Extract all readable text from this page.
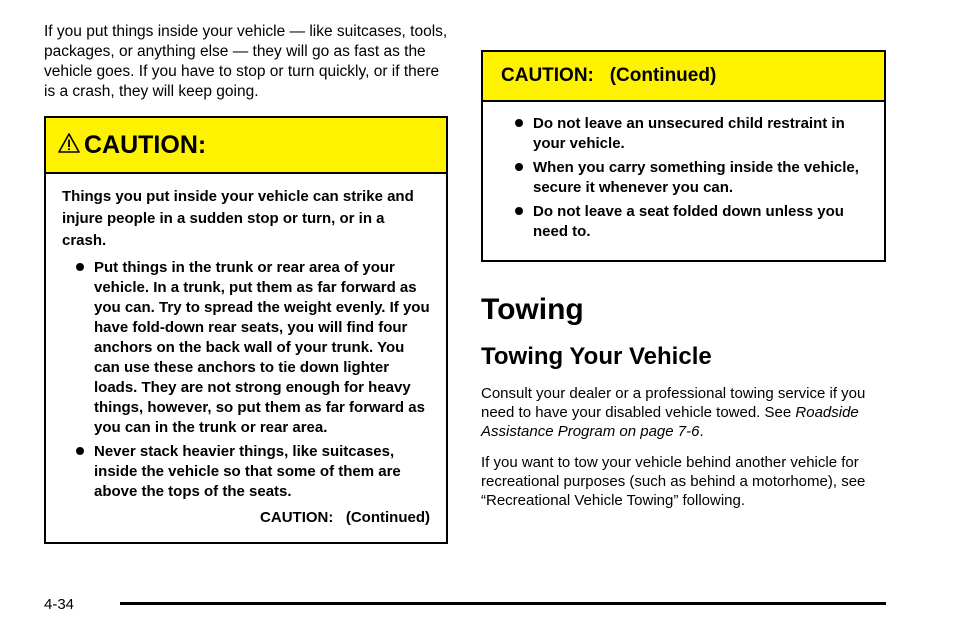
If you put things inside your vehicle — like suitcases, tools, packages, or anything else — they will go as fast as the vehicle goes. If you have to stop or turn quickly, or if there is a crash, they will keep going.

CAUTION:

Things you put inside your vehicle can strike and injure people in a sudden stop or turn, or in a crash.

Put things in the trunk or rear area of your vehicle. In a trunk, put them as far forward as you can. Try to spread the weight evenly. If you have fold-down rear seats, you will find four anchors on the back wall of your trunk. You can use these anchors to tie down lighter loads. They are not strong enough for heavy things, however, so put them as far forward as you can in the trunk or rear area.
Never stack heavier things, like suitcases, inside the vehicle so that some of them are above the tops of the seats.
CAUTION:   (Continued)
CAUTION:   (Continued)
Do not leave an unsecured child restraint in your vehicle.
When you carry something inside the vehicle, secure it whenever you can.
Do not leave a seat folded down unless you need to.
Towing
Towing Your Vehicle

Consult your dealer or a professional towing service if you need to have your disabled vehicle towed. See Roadside Assistance Program on page 7-6.

If you want to tow your vehicle behind another vehicle for recreational purposes (such as behind a motorhome), see “Recreational Vehicle Towing” following.

4-34
